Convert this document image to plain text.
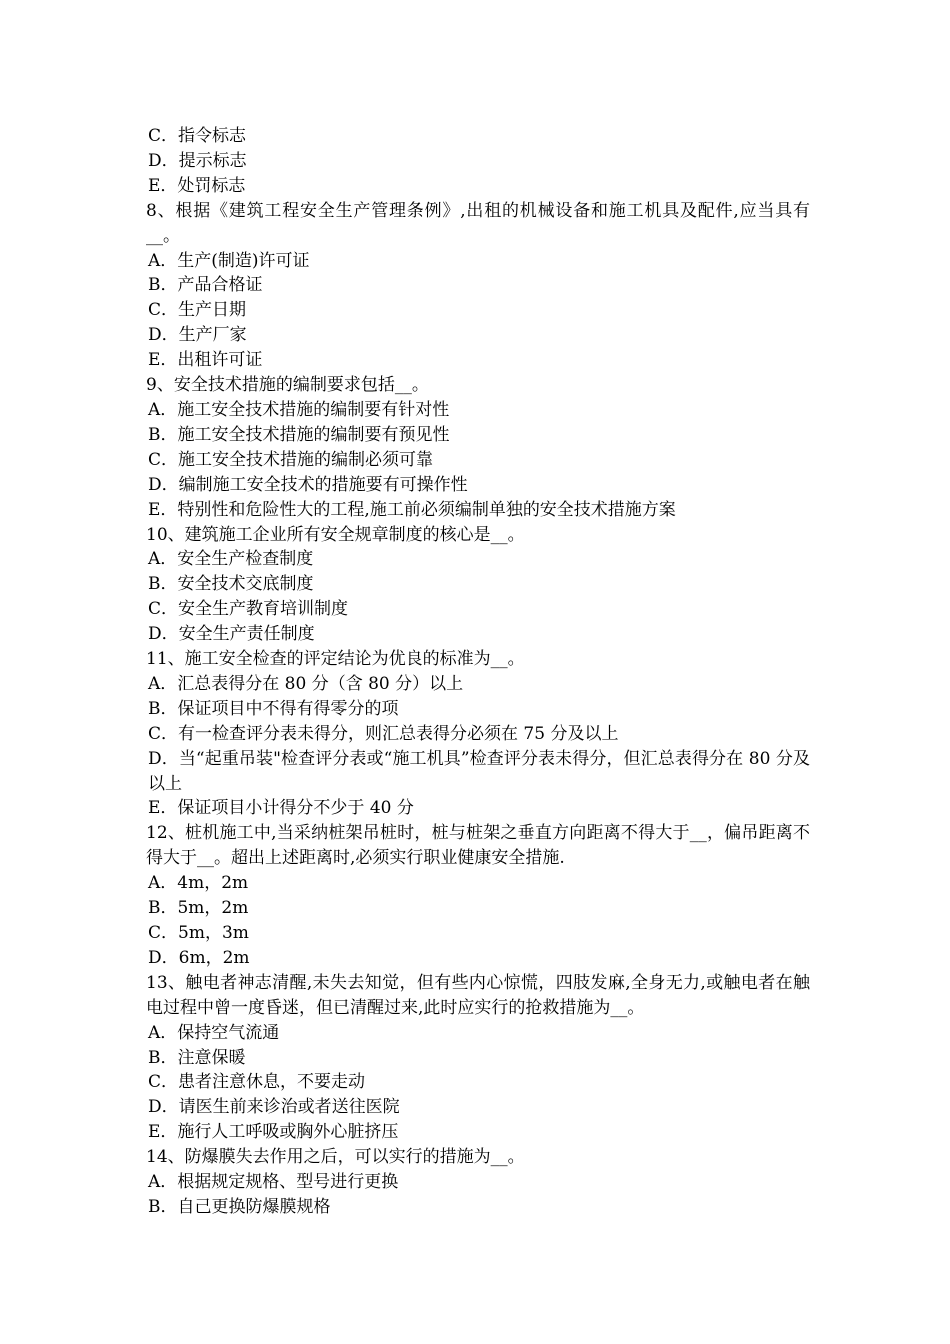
C．指令标志
D．提示标志
E．处罚标志
8、根据《建筑工程安全生产管理条例》,出租的机械设备和施工机具及配件,应当具有__。
A．生产(制造)许可证
B．产品合格证
C．生产日期
D．生产厂家
E．出租许可证
9、安全技术措施的编制要求包括__。
A．施工安全技术措施的编制要有针对性
B．施工安全技术措施的编制要有预见性
C．施工安全技术措施的编制必须可靠
D．编制施工安全技术的措施要有可操作性
E．特别性和危险性大的工程,施工前必须编制单独的安全技术措施方案
10、建筑施工企业所有安全规章制度的核心是__。
A．安全生产检查制度
B．安全技术交底制度
C．安全生产教育培训制度
D．安全生产责任制度
11、施工安全检查的评定结论为优良的标准为__。
A．汇总表得分在 80 分（含 80 分）以上
B．保证项目中不得有得零分的项
C．有一检查评分表未得分，则汇总表得分必须在 75 分及以上
D．当“起重吊装"检查评分表或“施工机具”检查评分表未得分，但汇总表得分在 80 分及以上
E．保证项目小计得分不少于 40 分
12、桩机施工中,当采纳桩架吊桩时，桩与桩架之垂直方向距离不得大于__，偏吊距离不得大于__。超出上述距离时,必须实行职业健康安全措施.
A．4m，2m
B．5m，2m
C．5m，3m
D．6m，2m
13、触电者神志清醒,未失去知觉，但有些内心惊慌，四肢发麻,全身无力,或触电者在触电过程中曾一度昏迷，但已清醒过来,此时应实行的抢救措施为__。
A．保持空气流通
B．注意保暖
C．患者注意休息，不要走动
D．请医生前来诊治或者送往医院
E．施行人工呼吸或胸外心脏挤压
14、防爆膜失去作用之后，可以实行的措施为__。
A．根据规定规格、型号进行更换
B．自己更换防爆膜规格
